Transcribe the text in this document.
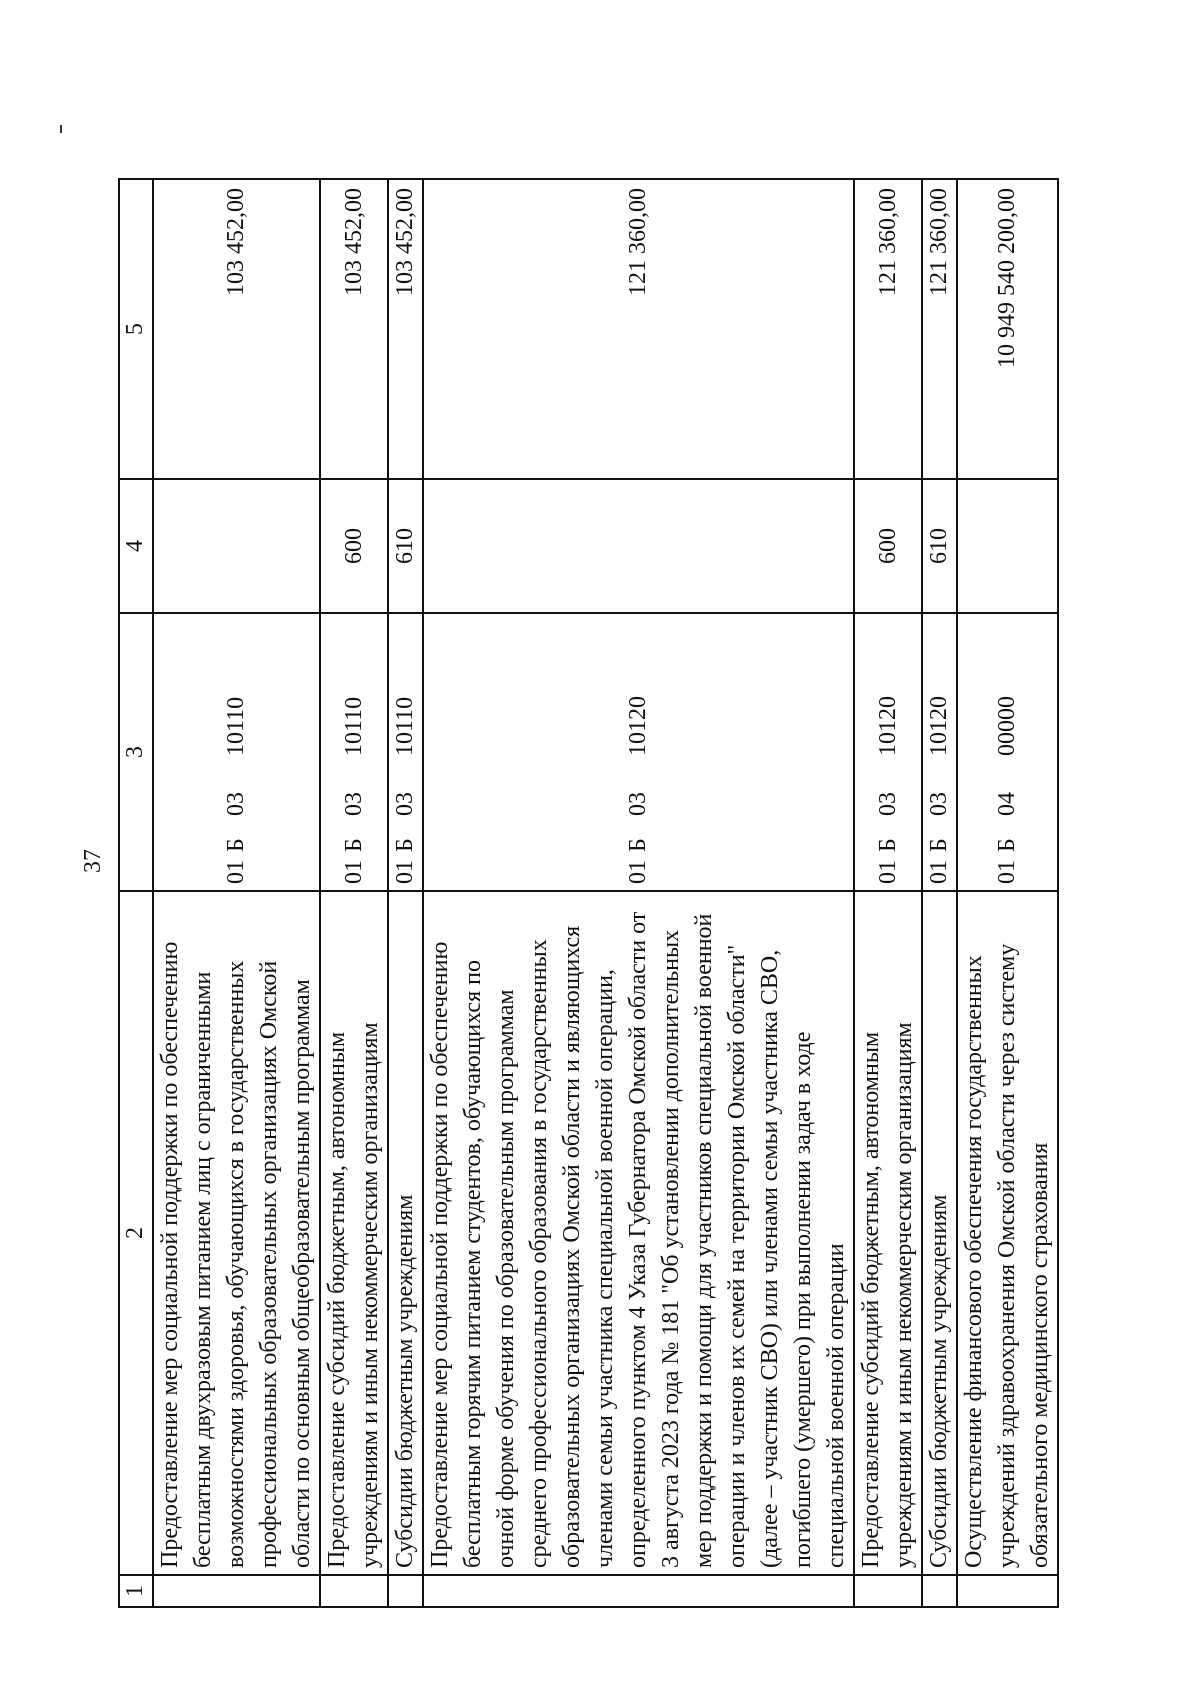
37
1	2	3	4	5
	Предоставление мер социальной поддержки по обеспечению бесплатным двухразовым питанием лиц с ограниченными возможностями здоровья, обучающихся в государственных профессиональных образовательных организациях Омской области по основным общеобразовательным программам	01Б0310110		103 452,00
	Предоставление субсидий бюджетным, автономным учреждениям и иным некоммерческим организациям	01Б0310110	600	103 452,00
	Субсидии бюджетным учреждениям	01Б0310110	610	103 452,00
	Предоставление мер социальной поддержки по обеспечению бесплатным горячим питанием студентов, обучающихся по очной форме обучения по образовательным программам среднего профессионального образования в государственных образовательных организациях Омской области и являющихся членами семьи участника специальной военной операции, определенного пунктом 4 Указа Губернатора Омской области от 3 августа 2023 года № 181 "Об установлении дополнительных мер поддержки и помощи для участников специальной военной операции и членов их семей на территории Омской области" (далее – участник СВО) или членами семьи участника СВО, погибшего (умершего) при выполнении задач в ходе специальной военной операции	01Б0310120		121 360,00
	Предоставление субсидий бюджетным, автономным учреждениям и иным некоммерческим организациям	01Б0310120	600	121 360,00
	Субсидии бюджетным учреждениям	01Б0310120	610	121 360,00
	Осуществление финансового обеспечения государственных учреждений здравоохранения Омской области через систему обязательного медицинского страхования	01Б0400000		10 949 540 200,00
